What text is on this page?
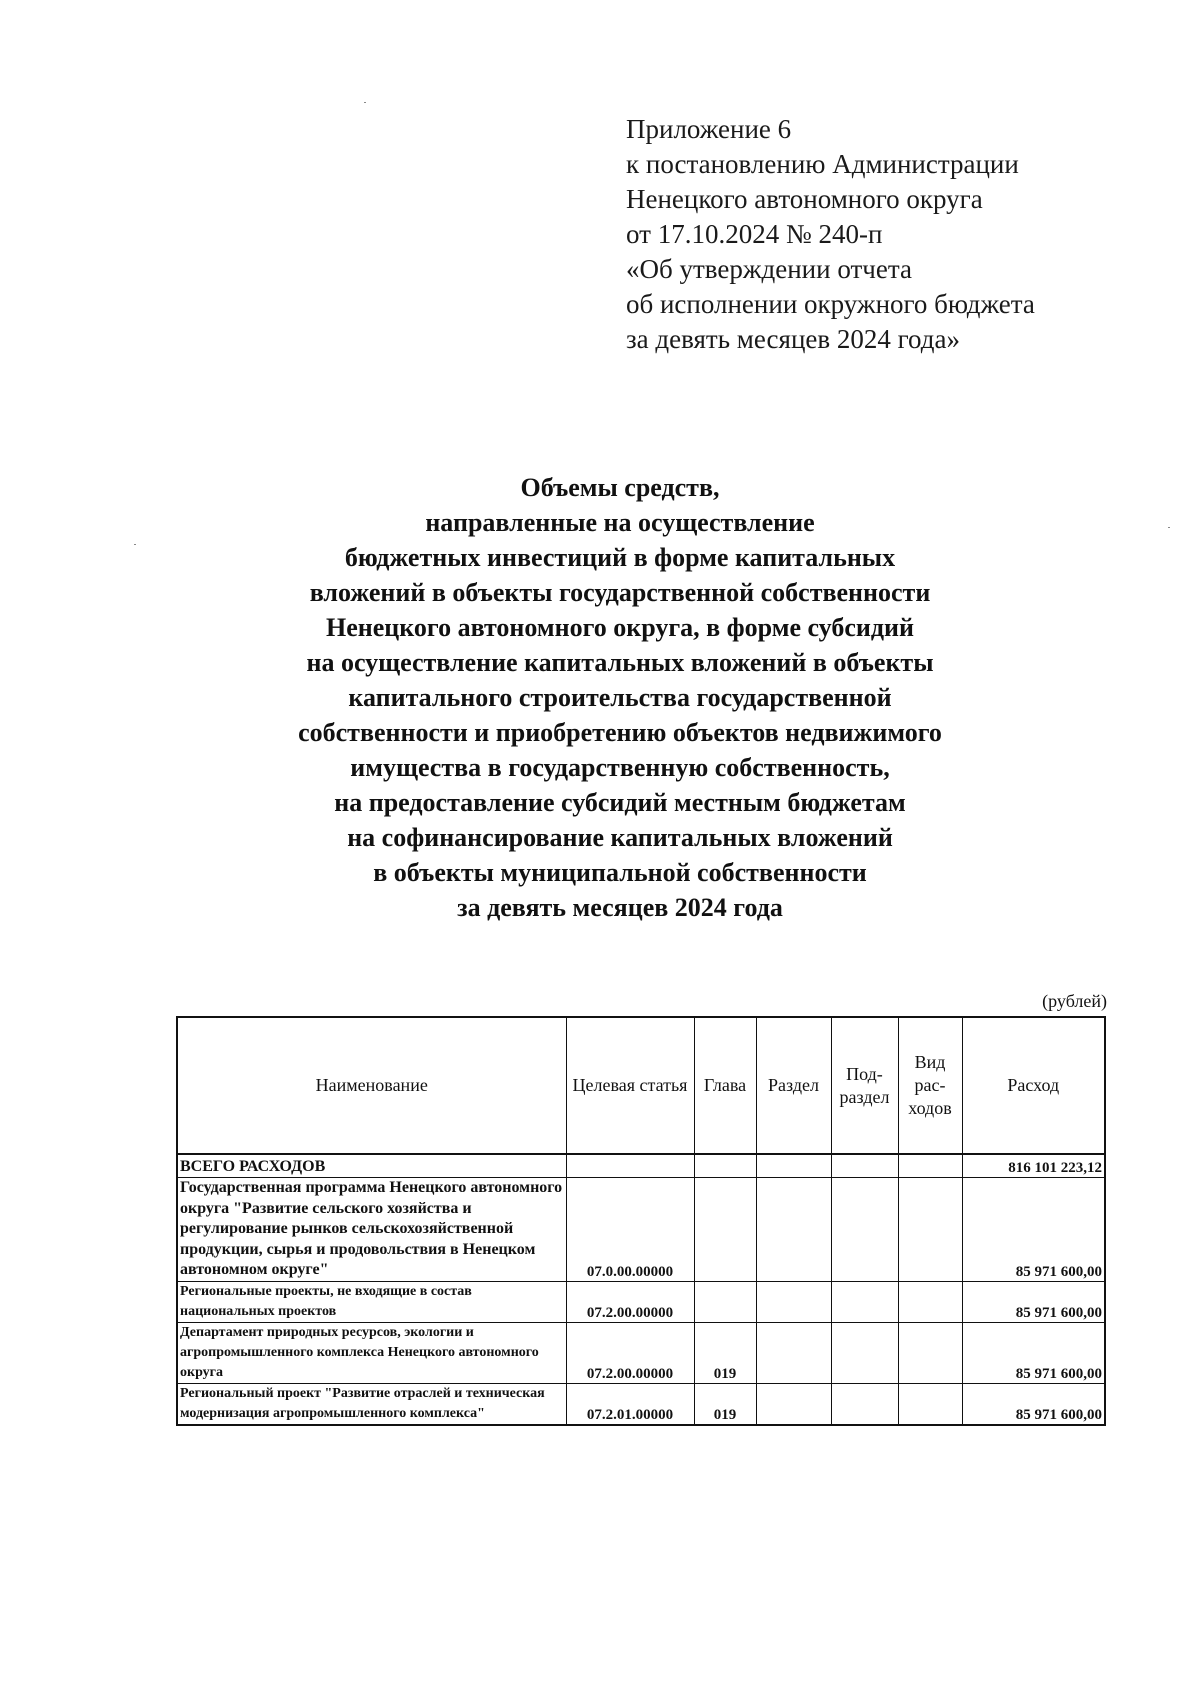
Приложение 6
к постановлению Администрации
Ненецкого автономного округа
от 17.10.2024 № 240-п
«Об утверждении отчета
об исполнении окружного бюджета
за девять месяцев 2024 года»
Объемы средств,
направленные на осуществление
бюджетных инвестиций в форме капитальных
вложений в объекты государственной собственности
Ненецкого автономного округа, в форме субсидий
на осуществление капитальных вложений в объекты
капитального строительства государственной
собственности и приобретению объектов недвижимого
имущества в государственную собственность,
на предоставление субсидий местным бюджетам
на софинансирование капитальных вложений
в объекты муниципальной собственности
за девять месяцев 2024 года
(рублей)
Наименование	Целевая статья	Глава	Раздел	Под-раздел	Вид рас-ходов	Расход
ВСЕГО РАСХОДОВ						816 101 223,12
Государственная программа Ненецкого автономного округа "Развитие сельского хозяйства и регулирование рынков сельскохозяйственной продукции, сырья и продовольствия в Ненецком автономном округе"	07.0.00.00000					85 971 600,00
Региональные проекты, не входящие в состав национальных проектов	07.2.00.00000					85 971 600,00
Департамент природных ресурсов, экологии и агропромышленного комплекса Ненецкого автономного округа	07.2.00.00000	019				85 971 600,00
Региональный проект "Развитие отраслей и техническая модернизация агропромышленного комплекса"	07.2.01.00000	019				85 971 600,00
